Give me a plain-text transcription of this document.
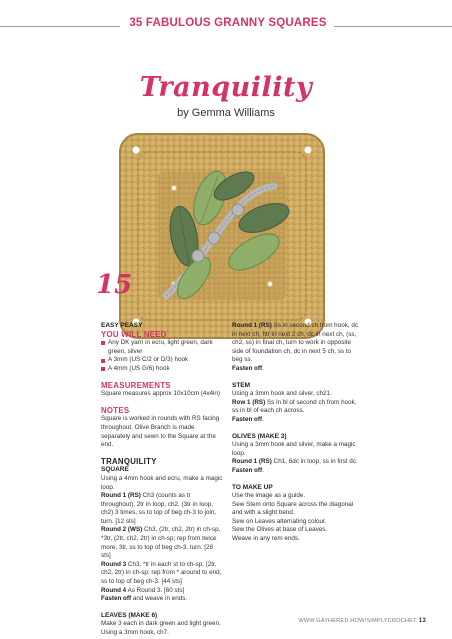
35 FABULOUS GRANNY SQUARES
Tranquility
by Gemma Williams
15
EASY PEASY
YOU WILL NEED

Any DK yarn in ecru, light green, dark green, silver

A 3mm (US C/2 or D/3) hook

A 4mm (US G/6) hook

MEASUREMENTS

Square measures approx 10x10cm (4x4in)

NOTES

Square is worked in rounds with RS facing throughout. Olive Branch is made separately and sewn to the Square at the end.

TRANQUILITY
SQUARE

Using a 4mm hook and ecru, make a magic loop.

Round 1 (RS) Ch3 (counts as tr throughout), 2tr in loop, ch2, (3tr in loop, ch2) 3 times, ss to top of beg ch-3 to join, turn. [12 sts]

Round 2 (WS) Ch3, (2tr, ch2, 2tr) in ch-sp, *3tr, (2tr, ch2, 2tr) in ch-sp; rep from twice more, 3tr, ss to top of beg ch-3, turn. [28 sts]

Round 3 Ch3, *tr in each st to ch-sp, (2tr, ch2, 2tr) in ch-sp; rep from * around to end, ss to top of beg ch-3. [44 sts]

Round 4 As Round 3. [60 sts]

Fasten off and weave in ends.

LEAVES (MAKE 6)

Make 3 each in dark green and light green. Using a 3mm hook, ch7.

Round 1 (RS) Ss in second ch from hook, dc in next ch, htr in next 2 ch, dc in next ch, (ss, ch2, ss) in final ch, turn to work in opposite side of foundation ch, dc in next 5 ch, ss to beg ss.

Fasten off.

STEM

Using a 3mm hook and silver, ch21.

Row 1 (RS) Ss in bl of second ch from hook, ss in bl of each ch across.

Fasten off.

OLIVES (MAKE 3)

Using a 3mm hook and silver, make a magic loop.

Round 1 (RS) Ch1, 6dc in loop, ss in first dc.

Fasten off.

TO MAKE UP

Use the image as a guide.

Sew Stem onto Square across the diagonal and with a slight bend.

Sew on Leaves alternating colour.

Sew the Olives at base of Leaves.

Weave in any rem ends.

WWW.GATHERED.HOW/SIMPLYCROCHET 13
